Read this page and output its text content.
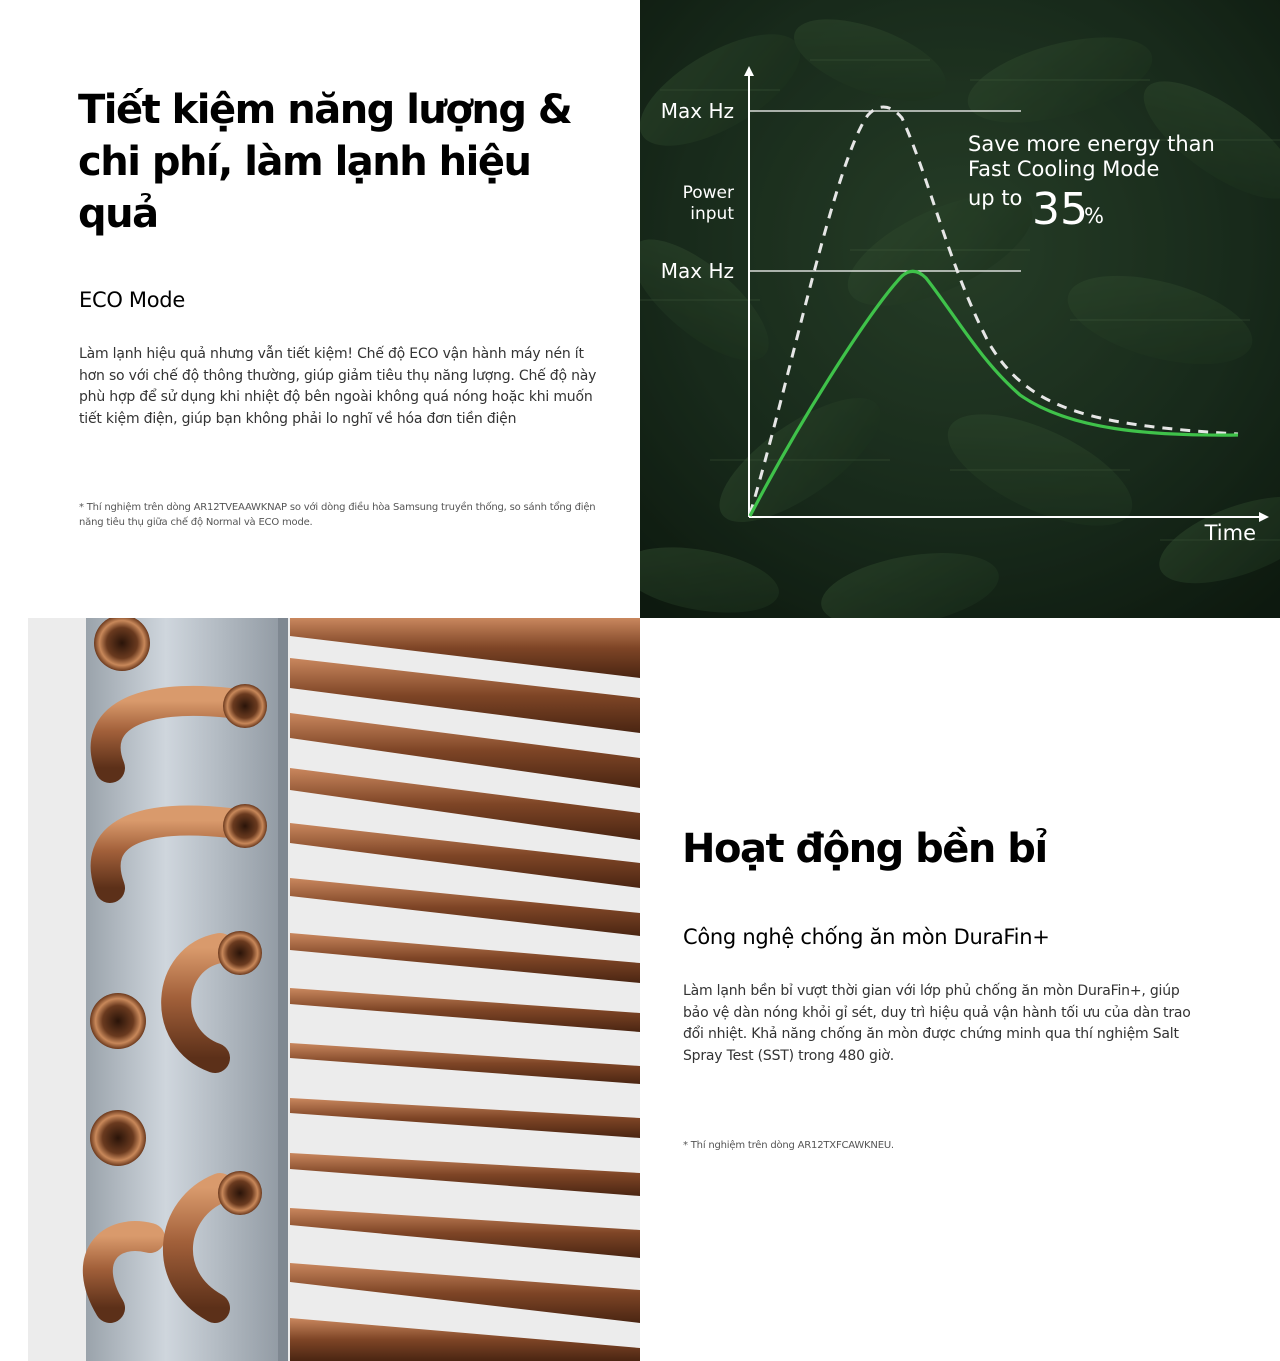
Tiết kiệm năng lượng & chi phí, làm lạnh hiệu quả
ECO Mode

Làm lạnh hiệu quả nhưng vẫn tiết kiệm! Chế độ ECO vận hành máy nén ít hơn so với chế độ thông thường, giúp giảm tiêu thụ năng lượng. Chế độ này phù hợp để sử dụng khi nhiệt độ bên ngoài không quá nóng hoặc khi muốn tiết kiệm điện, giúp bạn không phải lo nghĩ về hóa đơn tiền điện

* Thí nghiệm trên dòng AR12TVEAAWKNAP so với dòng điều hòa Samsung truyền thống, so sánh tổng điện năng tiêu thụ giữa chế độ Normal và ECO mode.

Max Hz
Power
input
Max Hz
Time
Save more energy than
Fast Cooling Mode
up to 35
%
Hoạt động bền bỉ
Công nghệ chống ăn mòn DuraFin+

Làm lạnh bền bỉ vượt thời gian với lớp phủ chống ăn mòn DuraFin+, giúp bảo vệ dàn nóng khỏi gỉ sét, duy trì hiệu quả vận hành tối ưu của dàn trao đổi nhiệt. Khả năng chống ăn mòn được chứng minh qua thí nghiệm Salt Spray Test (SST) trong 480 giờ.

* Thí nghiệm trên dòng AR12TXFCAWKNEU.
